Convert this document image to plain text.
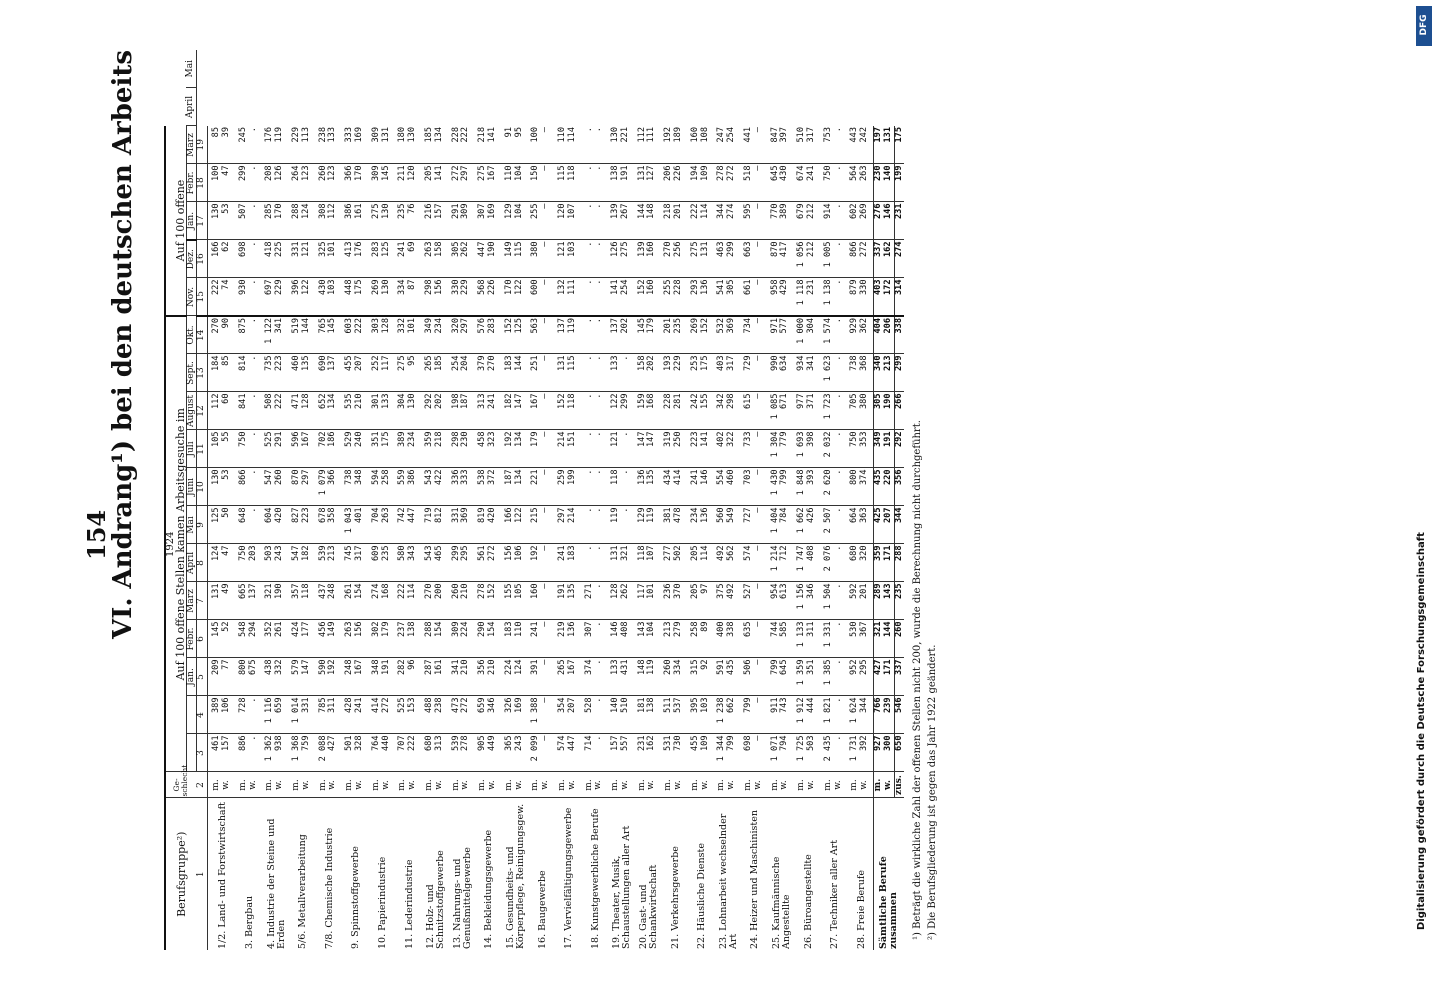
154
VI. Andrang¹) bei den deutschen Arbeits
Berufsgruppe²)	Ge-schlecht	1924																		
		Auf 100 offene Stellen kamen Arbeitsgesuche im												Auf 100 offene						
				Jan.	Febr.	März	April	Mai	Juni	Juli	August	Sept.	Okt.	Nov.	Dez.	Jan.	Febr.	März	April	Mai
1	2	3	4	5	6	7	8	9	10	11	12	13	14	15	16	17	18	19		
1/2. Land- und Forstwirtschaft	m.	461	389	209	145	131	124	125	130	105	112	184	270	222	166	130	100	85		
	w.	157	106	77	52	49	47	50	53	55	60	85	90	74	62	53	47	39		
3. Bergbau	m.	886	728	800	548	665	750	648	866	750	841	814	875	930	698	507	299	245		
	w.	.	.	675	294	137	203	.	.	.	.	.	.	.	.	.	.	.		
4. Industrie der Steine und Erden	m.	1 362	1 116	438	352	321	503	604	547	525	508	735	1 122	697	418	285	208	176		
	w.	938	659	332	261	190	243	420	260	291	222	223	341	229	225	170	126	119		
5/6. Metallverarbeitung	m.	1 368	1 014	579	424	357	547	827	870	596	471	460	519	396	331	288	264	229		
	w.	759	331	147	177	118	182	223	297	167	128	135	144	122	121	124	123	113		
7/8. Chemische Industrie	m.	2 088	785	590	456	437	539	678	1 079	702	652	690	765	430	325	308	260	238		
	w.	427	311	192	149	248	213	358	366	186	134	137	145	103	101	112	123	133		
9. Spinnstoffgewerbe	m.	501	428	248	263	261	745	1 043	738	529	535	455	603	448	413	386	366	333		
	w.	328	241	167	156	154	317	401	348	240	210	207	222	175	176	161	170	169		
10. Papierindustrie	m.	764	414	348	302	274	609	704	594	351	301	252	303	269	283	275	309	309		
	w.	440	272	191	179	168	235	263	258	175	133	117	128	130	125	130	145	131		
11. Lederindustrie	m.	707	525	282	237	222	580	742	559	389	304	275	332	334	241	235	211	180		
	w.	222	153	96	138	114	343	447	386	234	130	95	101	87	69	76	120	130		
12. Holz- und Schnitzstoffgewerbe	m.	680	488	287	288	270	543	719	543	359	292	265	349	298	263	216	205	185		
	w.	313	238	161	154	200	465	812	422	218	202	185	234	156	158	157	141	134		
13. Nahrungs- und Genußmittelgewerbe	m.	539	473	341	309	260	299	331	336	298	198	254	320	330	305	291	272	228		
	w.	278	272	210	224	210	295	369	333	230	187	204	297	229	262	309	297	222		
14. Bekleidungsgewerbe	m.	905	659	356	290	278	561	819	538	458	313	379	576	568	447	307	275	218		
	w.	449	346	210	154	152	272	420	372	323	241	270	283	226	190	169	167	141		
15. Gesundheits- und Körperpflege, Reinigungsgew.	m.	365	326	224	183	155	156	166	187	192	182	183	152	170	149	129	110	91		
	w.	243	169	124	110	105	106	122	134	134	147	144	125	122	115	104	104	95		
16. Baugewerbe	m.	2 099	1 388	391	241	160	192	215	221	179	167	251	563	600	380	255	150	100		
	w.	—	—	—	—	—	—	—	—	—	—	—	—	—	—	—	—	—		
17. Vervielfältigungsgewerbe	m.	574	354	265	219	191	241	297	259	214	152	131	137	132	121	120	115	110		
	w.	447	207	167	136	135	183	214	199	151	118	115	119	111	103	107	118	114		
18. Kunstgewerbliche Berufe	m.	714	528	374	307	271	.	.	.	.	.	.	.	.	.	.	.	.		
	w.	.	.	.	.	.	.	.	.	.	.	.	.	.	.	.	.	.		
19. Theater, Musik, Schaustellungen aller Art	m.	157	140	133	146	128	131	119	118	121	122	133	137	141	126	139	138	130		
	w.	557	510	431	408	262	321	.	.	.	299	.	202	254	275	267	191	221		
20. Gast- und Schankwirtschaft	m.	231	181	148	143	117	118	129	136	147	159	158	145	152	139	144	131	112		
	w.	162	138	119	104	101	107	119	135	147	168	202	179	160	160	148	127	111		
21. Verkehrsgewerbe	m.	531	511	260	213	236	277	381	434	319	228	193	201	255	270	218	206	192		
	w.	730	537	334	279	370	502	478	414	250	281	229	235	228	256	201	226	189		
22. Häusliche Dienste	m.	455	395	315	258	205	205	234	241	223	242	253	269	293	275	222	194	160		
	w.	109	103	92	89	97	114	136	146	141	155	175	152	136	131	114	109	108		
23. Lohnarbeit wechselnder Art	m.	1 344	1 238	591	400	375	492	560	554	402	342	403	532	541	463	344	278	247		
	w.	799	662	435	338	492	562	549	460	322	298	317	369	305	299	274	272	254		
24. Heizer und Maschinisten	m.	698	799	506	635	527	574	727	703	733	615	729	734	661	663	595	518	441		
	w.	—	—	—	—	—	—	—	—	—	—	—	—	—	—	—	—	—		
25. Kaufmännische Angestellte	m.	1 071	911	799	744	954	1 214	1 404	1 430	1 304	1 085	990	971	958	870	770	645	847		
	w.	794	743	645	585	613	712	784	799	779	671	634	577	429	417	389	430	397		
26. Büroangestellte	m.	1 725	1 912	1 359	1 133	1 156	1 747	1 662	1 848	1 693	977	934	1 000	1 118	1 056	679	674	510		
	w.	503	444	351	311	346	408	426	393	398	371	341	304	231	212	212	241	317		
27. Techniker aller Art	m.	2 435	1 821	1 385	1 331	1 504	2 076	2 507	2 620	2 032	1 723	1 623	1 574	1 138	1 005	914	750	753		
	w.	.	.	.	.	.	.	.	.	.	.	.	.	.	.	.	.	.		
28. Freie Berufe	m.	1 731	1 624	952	530	592	680	664	800	750	705	738	929	879	866	602	564	443		
	w.	392	344	295	367	201	320	363	374	353	380	368	362	330	272	269	263	242		
Sämtliche Berufe zusammen	m.	927	766	427	321	289	359	425	435	349	305	340	404	403	337	276	230	197		
	w.	300	239	171	144	143	171	207	220	191	190	213	206	172	162	146	140	131		
	zus.	650	546	337	260	235	288	344	356	292	266	299	338	314	274	231	199	175		
¹) Beträgt die wirkliche Zahl der offenen Stellen nicht 200, wurde die Berechnung nicht durchgeführt. ²) Die Berufsgliederung ist gegen das Jahr 1922 geändert.
DFG
Digitalisierung gefördert durch die Deutsche Forschungsgemeinschaft
